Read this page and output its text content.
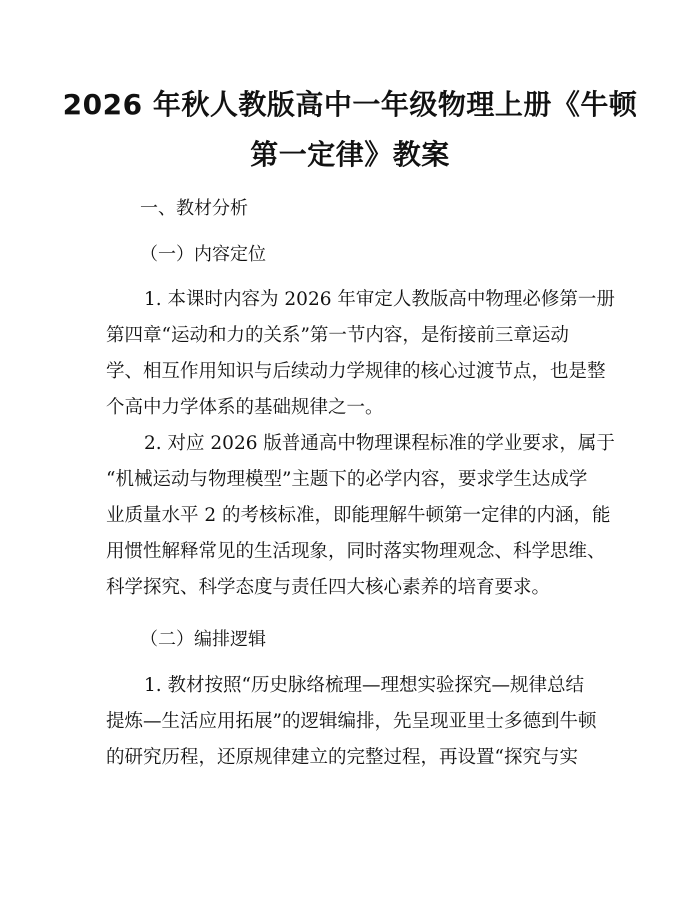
2026 年秋人教版高中一年级物理上册《牛顿
第一定律》教案
一、教材分析
（一）内容定位
1. 本课时内容为 2026 年审定人教版高中物理必修第一册
第四章“运动和力的关系”第一节内容，是衔接前三章运动
学、相互作用知识与后续动力学规律的核心过渡节点，也是整
个高中力学体系的基础规律之一。
2. 对应 2026 版普通高中物理课程标准的学业要求，属于
“机械运动与物理模型”主题下的必学内容，要求学生达成学
业质量水平 2 的考核标准，即能理解牛顿第一定律的内涵，能
用惯性解释常见的生活现象，同时落实物理观念、科学思维、
科学探究、科学态度与责任四大核心素养的培育要求。
（二）编排逻辑
1. 教材按照“历史脉络梳理—理想实验探究—规律总结
提炼—生活应用拓展”的逻辑编排，先呈现亚里士多德到牛顿
的研究历程，还原规律建立的完整过程，再设置“探究与实
